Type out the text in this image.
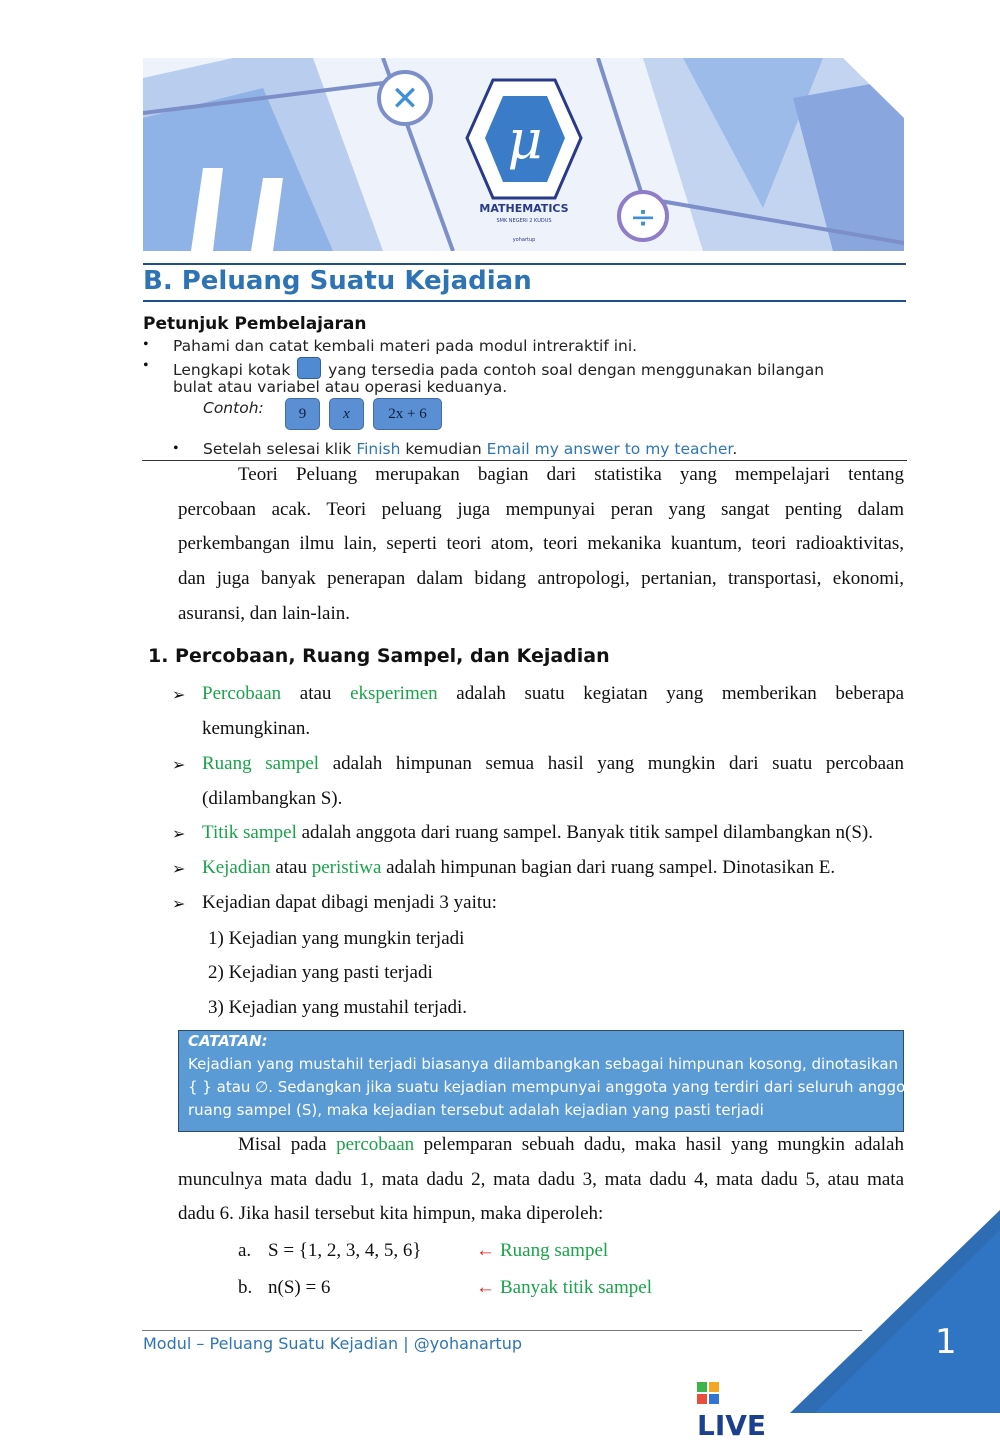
✕
÷
μ
MATHEMATICS
SMK NEGERI 2 KUDUS
yohartup
B. Peluang Suatu Kejadian
Petunjuk Pembelajaran
• Pahami dan catat kembali materi pada modul intreraktif ini.
• Lengkapi kotak yang tersedia pada contoh soal dengan menggunakan bilangan
bulat atau variabel atau operasi keduanya.
Contoh:	9	x	2x + 6
• Setelah selesai klik Finish kemudian Email my answer to my teacher.

Teori Peluang merupakan bagian dari statistika yang mempelajari tentang

percobaan acak. Teori peluang juga mempunyai peran yang sangat penting dalam

perkembangan ilmu lain, seperti teori atom, teori mekanika kuantum, teori radioaktivitas,

dan juga banyak penerapan dalam bidang antropologi, pertanian, transportasi, ekonomi,

asuransi, dan lain-lain.

1. Percobaan, Ruang Sampel, dan Kejadian
➢ Percobaan atau eksperimen adalah suatu kegiatan yang memberikan beberapa
kemungkinan.
➢ Ruang sampel adalah himpunan semua hasil yang mungkin dari suatu percobaan
(dilambangkan S).
➢ Titik sampel adalah anggota dari ruang sampel. Banyak titik sampel dilambangkan n(S).
➢ Kejadian atau peristiwa adalah himpunan bagian dari ruang sampel. Dinotasikan E.
➢ Kejadian dapat dibagi menjadi 3 yaitu:
1) Kejadian yang mungkin terjadi
2) Kejadian yang pasti terjadi
3) Kejadian yang mustahil terjadi.
CATATAN:
Kejadian yang mustahil terjadi biasanya dilambangkan sebagai himpunan kosong, dinotasikan
{ } atau ∅. Sedangkan jika suatu kejadian mempunyai anggota yang terdiri dari seluruh anggota
ruang sampel (S), maka kejadian tersebut adalah kejadian yang pasti terjadi

Misal pada percobaan pelemparan sebuah dadu, maka hasil yang mungkin adalah

munculnya mata dadu 1, mata dadu 2, mata dadu 3, mata dadu 4, mata dadu 5, atau mata

dadu 6. Jika hasil tersebut kita himpun, maka diperoleh:

a. S = {1, 2, 3, 4, 5, 6}	← Ruang sampel
b. n(S) = 6	← Banyak titik sampel
Modul – Peluang Suatu Kejadian | @yohanartup	1
LIVEWORKSHEETS
